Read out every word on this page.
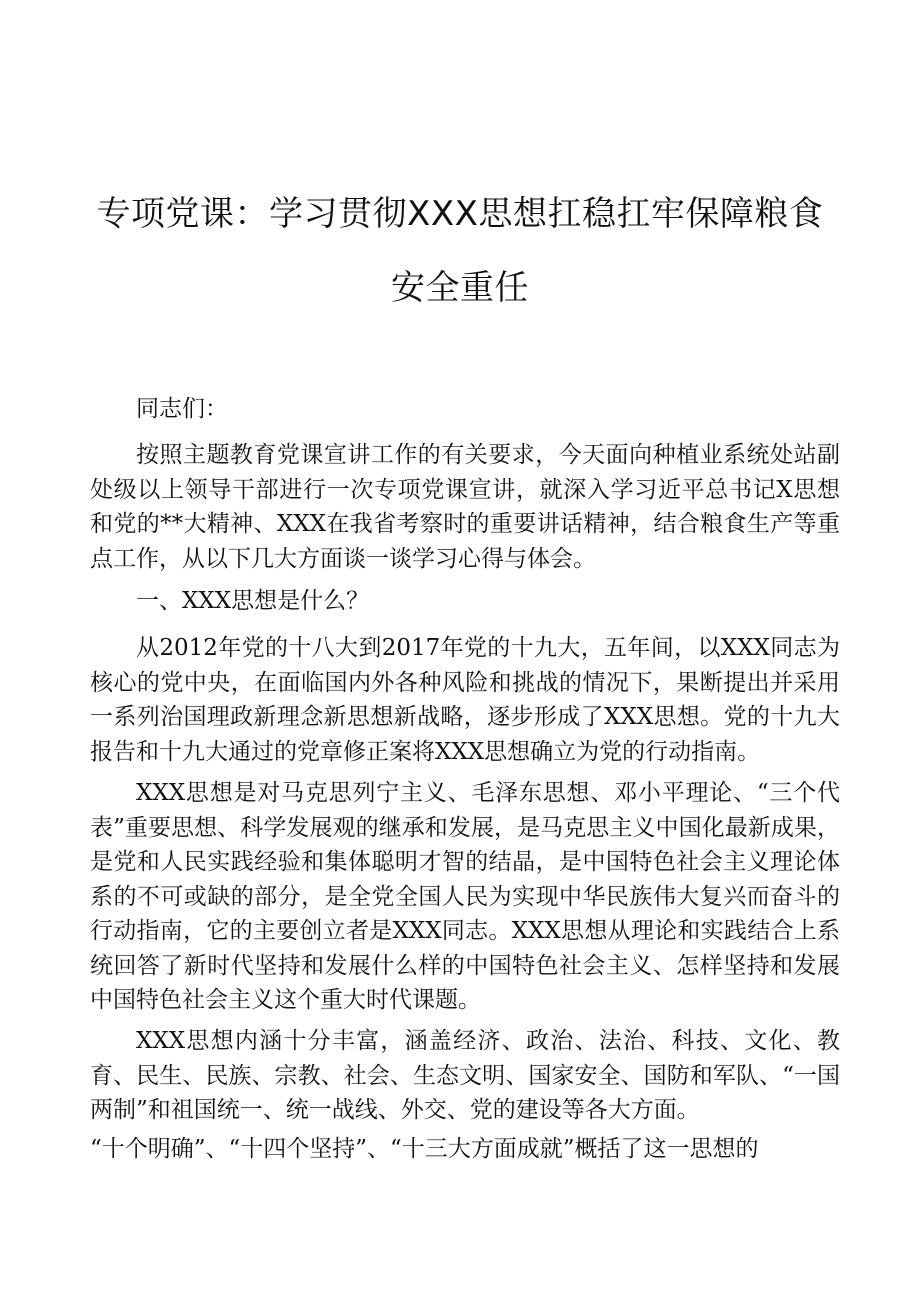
专项党课：学习贯彻XXX思想扛稳扛牢保障粮食
安全重任

同志们：

按照主题教育党课宣讲工作的有关要求，今天面向种植业系统处站副处级以上领导干部进行一次专项党课宣讲，就深入学习近平总书记X思想和党的**大精神、XXX在我省考察时的重要讲话精神，结合粮食生产等重点工作，从以下几大方面谈一谈学习心得与体会。

一、XXX思想是什么？

从2012年党的十八大到2017年党的十九大，五年间，以XXX同志为核心的党中央，在面临国内外各种风险和挑战的情况下，果断提出并采用一系列治国理政新理念新思想新战略，逐步形成了XXX思想。党的十九大报告和十九大通过的党章修正案将XXX思想确立为党的行动指南。

XXX思想是对马克思列宁主义、毛泽东思想、邓小平理论、“三个代表”重要思想、科学发展观的继承和发展，是马克思主义中国化最新成果，是党和人民实践经验和集体聪明才智的结晶，是中国特色社会主义理论体系的不可或缺的部分，是全党全国人民为实现中华民族伟大复兴而奋斗的行动指南，它的主要创立者是XXX同志。XXX思想从理论和实践结合上系统回答了新时代坚持和发展什么样的中国特色社会主义、怎样坚持和发展中国特色社会主义这个重大时代课题。

XXX思想内涵十分丰富，涵盖经济、政治、法治、科技、文化、教育、民生、民族、宗教、社会、生态文明、国家安全、国防和军队、“一国两制”和祖国统一、统一战线、外交、党的建设等各大方面。

“十个明确”、“十四个坚持”、“十三大方面成就”概括了这一思想的
